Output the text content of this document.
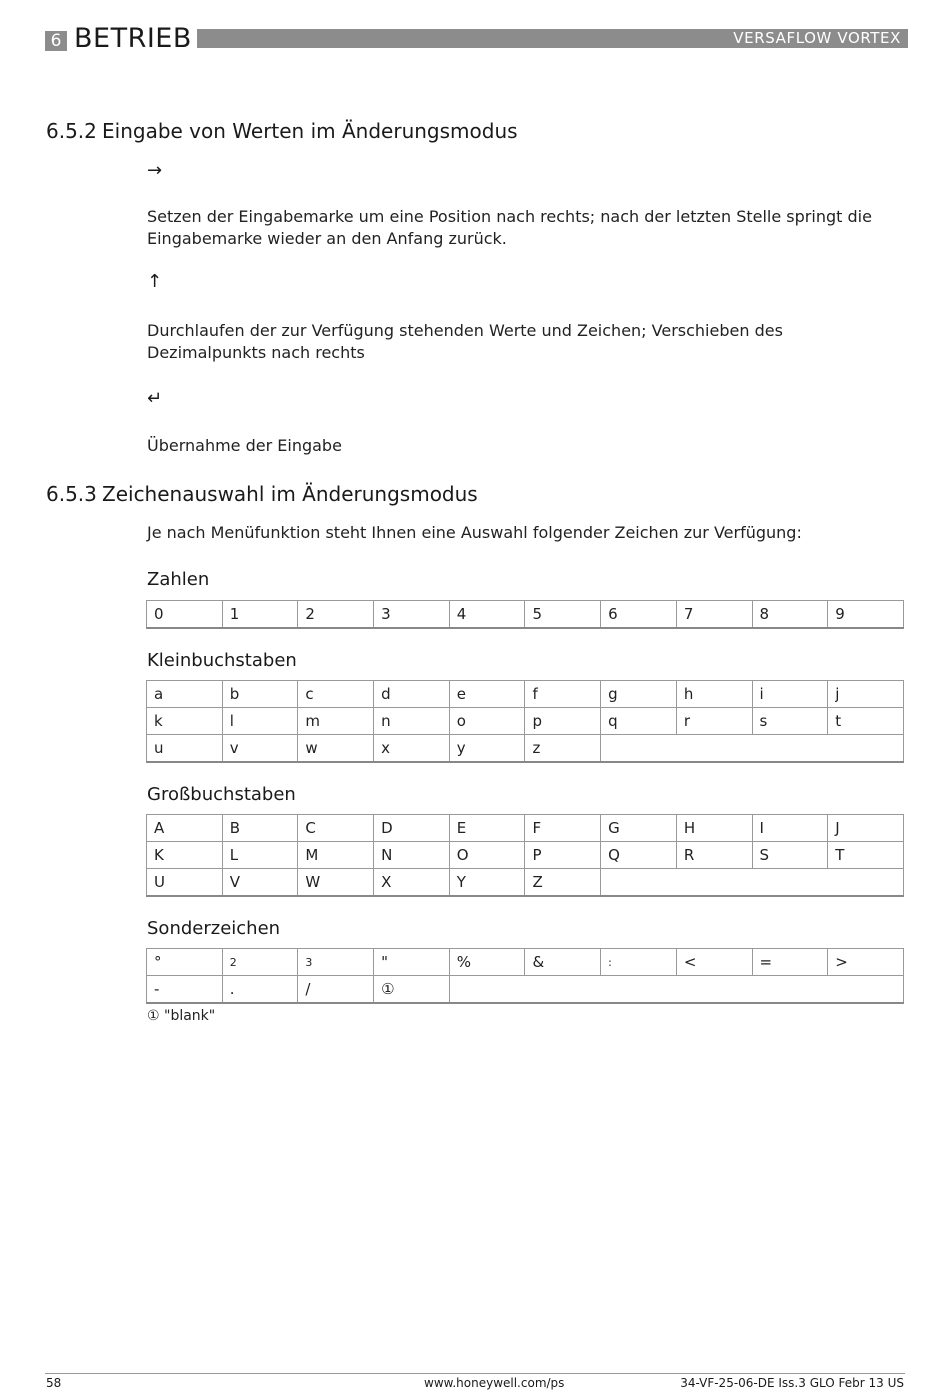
6 BETRIEB	VERSAFLOW VORTEX
6.5.2 Eingabe von Werten im Änderungsmodus
→
Setzen der Eingabemarke um eine Position nach rechts; nach der letzten Stelle springt die Eingabemarke wieder an den Anfang zurück.
↑
Durchlaufen der zur Verfügung stehenden Werte und Zeichen; Verschieben des Dezimalpunkts nach rechts
↵
Übernahme der Eingabe
6.5.3 Zeichenauswahl im Änderungsmodus
Je nach Menüfunktion steht Ihnen eine Auswahl folgender Zeichen zur Verfügung:
Zahlen
0	1	2	3	4	5	6	7	8	9
Kleinbuchstaben
a	b	c	d	e	f	g	h	i	j
k	l	m	n	o	p	q	r	s	t
u	v	w	x	y	z				
Großbuchstaben
A	B	C	D	E	F	G	H	I	J
K	L	M	N	O	P	Q	R	S	T
U	V	W	X	Y	Z				
Sonderzeichen
°	2	3	"	%	&	:	<	=	>
-	.	/	①						
① "blank"
58	www.honeywell.com/ps	34-VF-25-06-DE Iss.3 GLO Febr 13 US
